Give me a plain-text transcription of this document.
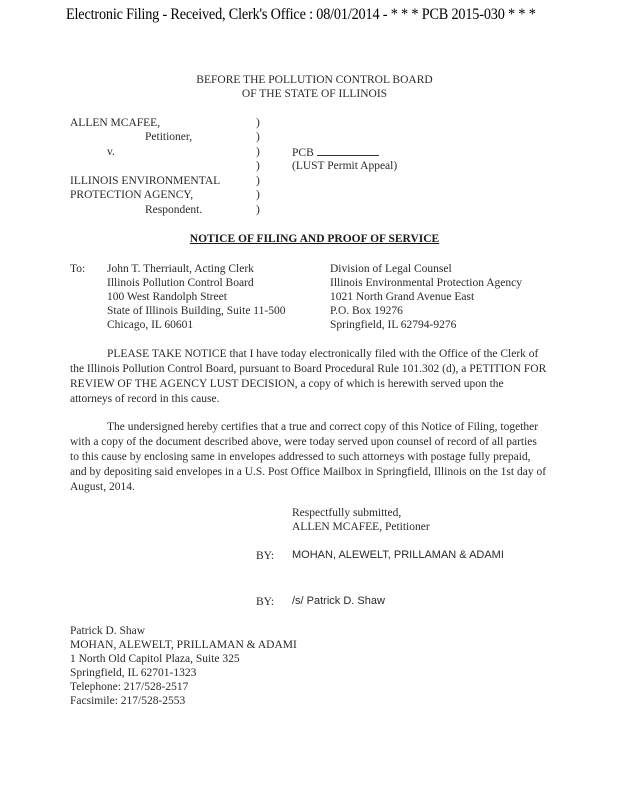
Electronic Filing - Received, Clerk's Office : 08/01/2014 - * * * PCB 2015-030 * * *
BEFORE THE POLLUTION CONTROL BOARD
OF THE STATE OF ILLINOIS
ALLEN MCAFEE,
Petitioner,
v.
ILLINOIS ENVIRONMENTAL
PROTECTION AGENCY,
Respondent.
)
)
)
)
)
)
)
PCB
(LUST Permit Appeal)
NOTICE OF FILING AND PROOF OF SERVICE
To: John T. Therriault, Acting Clerk
Illinois Pollution Control Board
100 West Randolph Street
State of Illinois Building, Suite 11-500
Chicago, IL 60601
Division of Legal Counsel
Illinois Environmental Protection Agency
1021 North Grand Avenue East
P.O. Box 19276
Springfield, IL 62794-9276
PLEASE TAKE NOTICE that I have today electronically filed with the Office of the Clerk of the Illinois Pollution Control Board, pursuant to Board Procedural Rule 101.302 (d), a PETITION FOR REVIEW OF THE AGENCY LUST DECISION, a copy of which is herewith served upon the attorneys of record in this cause.
The undersigned hereby certifies that a true and correct copy of this Notice of Filing, together with a copy of the document described above, were today served upon counsel of record of all parties to this cause by enclosing same in envelopes addressed to such attorneys with postage fully prepaid, and by depositing said envelopes in a U.S. Post Office Mailbox in Springfield, Illinois on the 1st day of August, 2014.
Respectfully submitted,
ALLEN MCAFEE, Petitioner
BY: MOHAN, ALEWELT, PRILLAMAN & ADAMI
BY: /s/ Patrick D. Shaw
Patrick D. Shaw
MOHAN, ALEWELT, PRILLAMAN & ADAMI
1 North Old Capitol Plaza, Suite 325
Springfield, IL 62701-1323
Telephone: 217/528-2517
Facsimile: 217/528-2553
